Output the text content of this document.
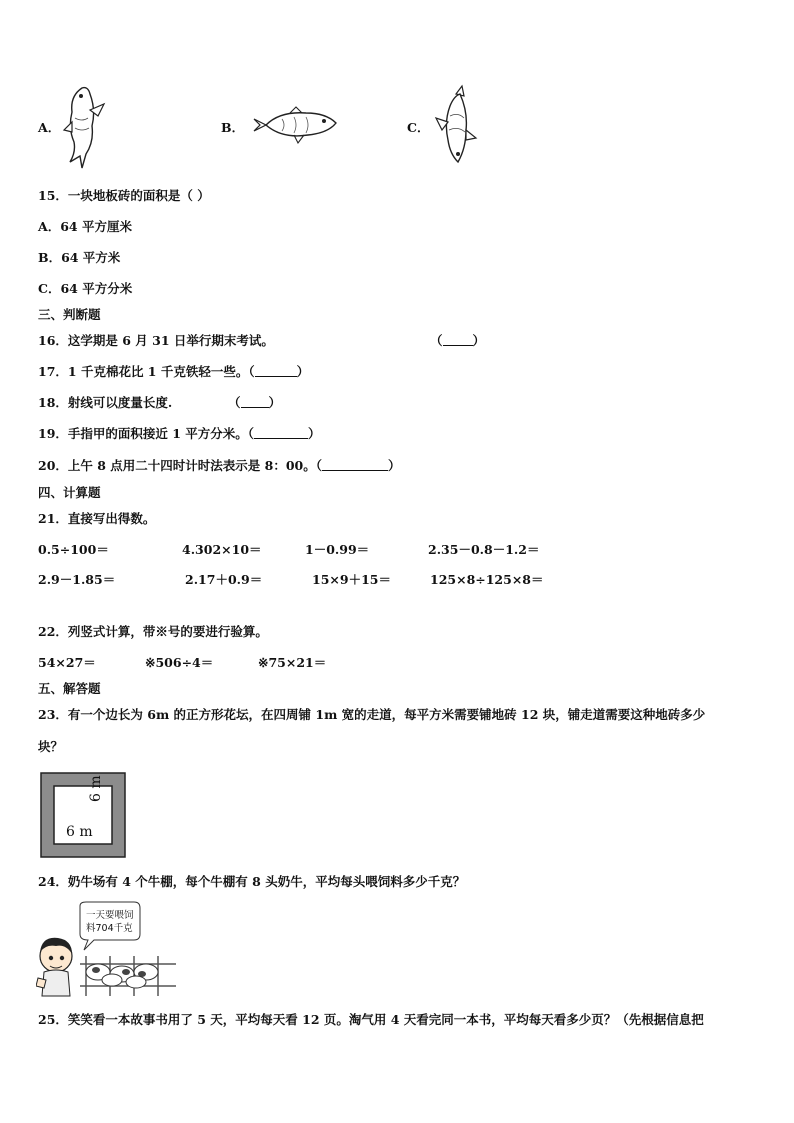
A．	B．	C．
15．一块地板砖的面积是（ ）
A．64 平方厘米
B．64 平方米
C．64 平方分米
三、判断题
16．这学期是 6 月 31 日举行期末考试。	（ ）
17．1 千克棉花比 1 千克铁轻一些。（	）
18．射线可以度量长度.	（ ）
19．手指甲的面积接近 1 平方分米。（	）
20．上午 8 点用二十四时计时法表示是 8：00。（	）
四、计算题
21．直接写出得数。
0.5÷100＝	4.302×10＝	1－0.99＝	2.35－0.8－1.2＝
2.9－1.85＝	2.17＋0.9＝	15×9＋15＝	125×8÷125×8＝
22．列竖式计算，带※号的要进行验算。
54×27＝	※506÷4＝	※75×21＝
五、解答题
23．有一个边长为 6m 的正方形花坛，在四周铺 1m 宽的走道，每平方米需要铺地砖 12 块，铺走道需要这种地砖多少
块？
6 m
6 m
24．奶牛场有 4 个牛棚，每个牛棚有 8 头奶牛，平均每头喂饲料多少千克？
一天要喂饲
料704千克
25．笑笑看一本故事书用了 5 天，平均每天看 12 页。淘气用 4 天看完同一本书，平均每天看多少页？（先根据信息把
